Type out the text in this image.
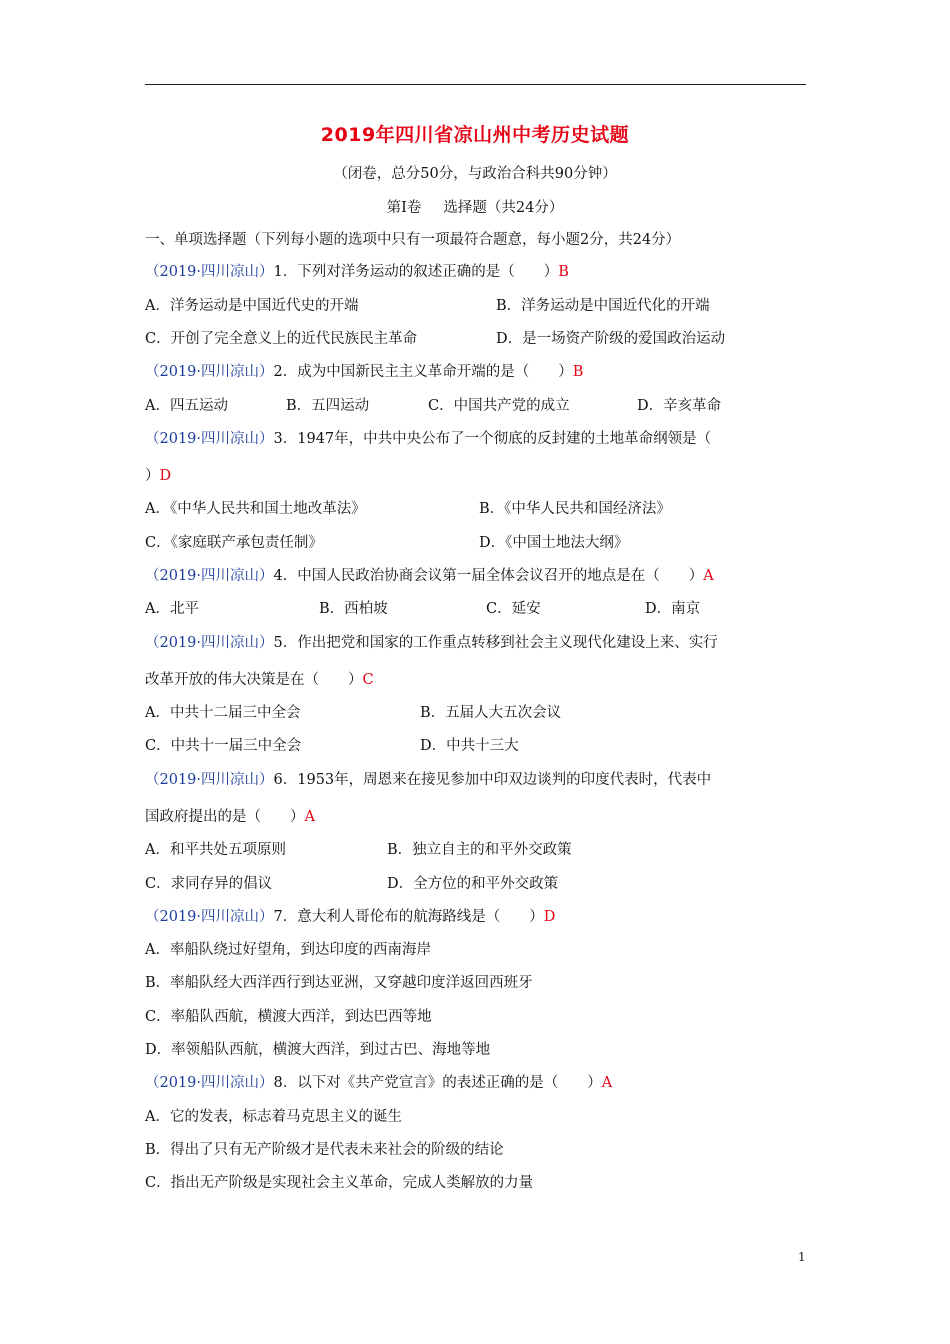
2019年四川省凉山州中考历史试题
（闭卷，总分50分，与政治合科共90分钟）
第Ⅰ卷 选择题（共24分）
一、单项选择题（下列每小题的选项中只有一项最符合题意，每小题2分，共24分）
（2019·四川凉山）1．下列对洋务运动的叙述正确的是（　　）B
A．洋务运动是中国近代史的开端	B．洋务运动是中国近代化的开端
C．开创了完全意义上的近代民族民主革命	D．是一场资产阶级的爱国政治运动
（2019·四川凉山）2．成为中国新民主主义革命开端的是（　　）B
A．四五运动	B．五四运动	C．中国共产党的成立	D．辛亥革命
（2019·四川凉山）3．1947年，中共中央公布了一个彻底的反封建的土地革命纲领是（
）D
A．《中华人民共和国土地改革法》	B．《中华人民共和国经济法》
C．《家庭联产承包责任制》	D．《中国土地法大纲》
（2019·四川凉山）4．中国人民政治协商会议第一届全体会议召开的地点是在（　　）A
A．北平	B．西柏坡	C．延安	D．南京
（2019·四川凉山）5．作出把党和国家的工作重点转移到社会主义现代化建设上来、实行
改革开放的伟大决策是在（　　）C
A．中共十二届三中全会	B．五届人大五次会议
C．中共十一届三中全会	D．中共十三大
（2019·四川凉山）6．1953年，周恩来在接见参加中印双边谈判的印度代表时，代表中
国政府提出的是（　　）A
A．和平共处五项原则	B．独立自主的和平外交政策
C．求同存异的倡议	D．全方位的和平外交政策
（2019·四川凉山）7．意大利人哥伦布的航海路线是（　　）D
A．率船队绕过好望角，到达印度的西南海岸
B．率船队经大西洋西行到达亚洲，又穿越印度洋返回西班牙
C．率船队西航，横渡大西洋，到达巴西等地
D．率领船队西航，横渡大西洋，到过古巴、海地等地
（2019·四川凉山）8．以下对《共产党宣言》的表述正确的是（　　）A
A．它的发表，标志着马克思主义的诞生
B．得出了只有无产阶级才是代表未来社会的阶级的结论
C．指出无产阶级是实现社会主义革命，完成人类解放的力量
1
